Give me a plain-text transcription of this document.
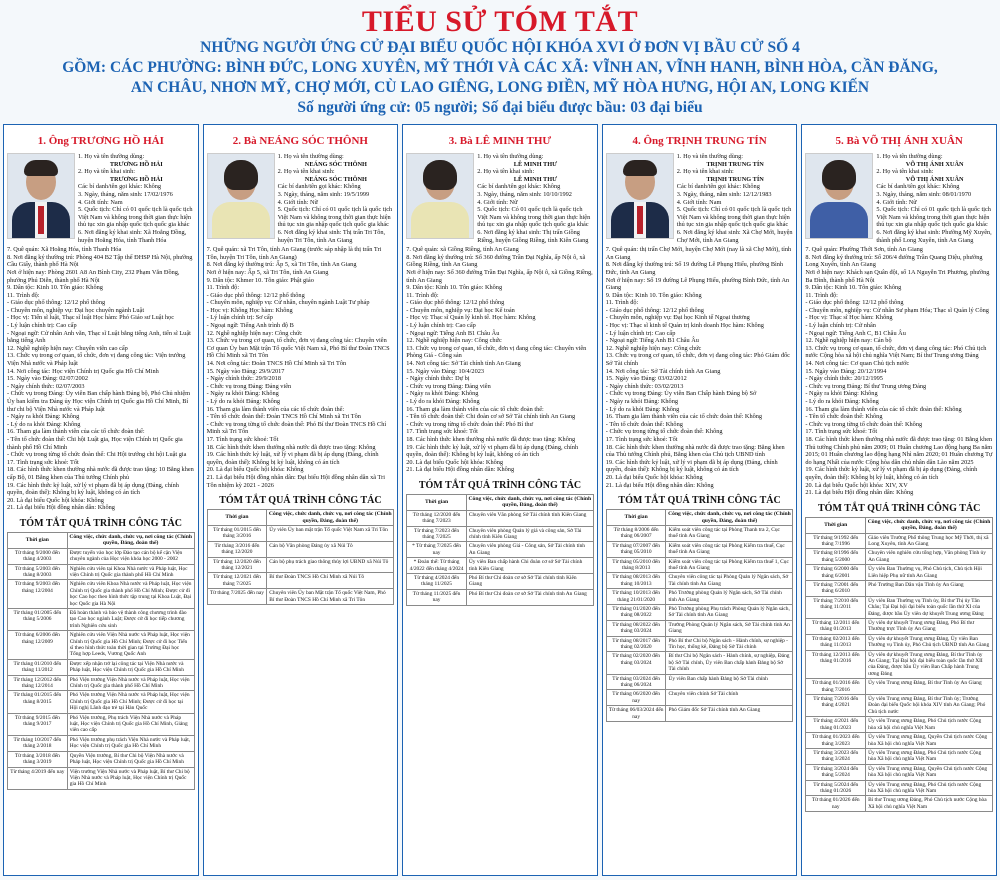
TIỂU SỬ TÓM TẮT
NHỮNG NGƯỜI ỨNG CỬ ĐẠI BIỂU QUỐC HỘI KHÓA XVI Ở ĐƠN VỊ BẦU CỬ SỐ 4
GỒM: CÁC PHƯỜNG: BÌNH ĐỨC, LONG XUYÊN, MỸ THỚI VÀ CÁC XÃ: VĨNH AN, VĨNH HANH, BÌNH HÒA, CẦN ĐĂNG,
AN CHÂU, NHƠN MỸ, CHỢ MỚI, CÙ LAO GIÊNG, LONG ĐIỀN, MỸ HÒA HƯNG, HỘI AN, LONG KIẾN
Số người ứng cử: 05 người; Số đại biểu được bầu: 03 đại biểu
1. Ông TRƯƠNG HỒ HẢI
1. Họ và tên thường dùng:
TRƯƠNG HỒ HẢI
2. Họ và tên khai sinh:
TRƯƠNG HỒ HẢI
Các bí danh/tên gọi khác: Không
3. Ngày, tháng, năm sinh: 17/02/1976
4. Giới tính: Nam
5. Quốc tịch: Chỉ có 01 quốc tịch là quốc tịch Việt Nam và không trong thời gian thực hiện thủ tục xin gia nhập quốc tịch quốc gia khác
6. Nơi đăng ký khai sinh: Xã Hoằng Đồng, huyện Hoằng Hóa, tỉnh Thanh Hóa
7. Quê quán: Xã Hoằng Hóa, tỉnh Thanh Hóa
8. Nơi đăng ký thường trú: Phòng 404 B2 Tập thể ĐHSP Hà Nội, phường Cầu Giấy, thành phố Hà Nội
Nơi ở hiện nay: Phòng 2601 A8 An Bình City, 232 Phạm Văn Đồng, phường Phú Diễn, thành phố Hà Nội
9. Dân tộc: Kinh 10. Tôn giáo: Không
11. Trình độ:
- Giáo dục phổ thông: 12/12 phổ thông
- Chuyên môn, nghiệp vụ: Đại học chuyên ngành Luật
- Học vị: Tiến sĩ luật, Thạc sĩ luật Học hàm: Phó Giáo sư Luật học
- Lý luận chính trị: Cao cấp
- Ngoại ngữ: Cử nhân Anh văn, Thạc sĩ Luật bằng tiếng Anh, tiến sĩ Luật bằng tiếng Anh
12. Nghề nghiệp hiện nay: Chuyên viên cao cấp
13. Chức vụ trong cơ quan, tổ chức, đơn vị đang công tác: Viện trưởng Viện Nhà nước và Pháp luật
14. Nơi công tác: Học viện Chính trị Quốc gia Hồ Chí Minh
15. Ngày vào Đảng: 02/07/2002
- Ngày chính thức: 02/07/2003
- Chức vụ trong Đảng: Ủy viên Ban chấp hành Đảng bộ, Phó Chủ nhiệm Ủy ban kiểm tra Đảng ủy Học viện Chính trị Quốc gia Hồ Chí Minh, Bí thư chi bộ Viện Nhà nước và Pháp luật
- Ngày ra khỏi Đảng: Không
- Lý do ra khỏi Đảng: Không
16. Tham gia làm thành viên của các tổ chức đoàn thể:
- Tên tổ chức đoàn thể: Chi hội Luật gia, Học viện Chính trị Quốc gia thành phố Hồ Chí Minh
- Chức vụ trong từng tổ chức đoàn thể: Chi Hội trưởng chi hội Luật gia
17. Tình trạng sức khoẻ: Tốt
18. Các hình thức khen thưởng nhà nước đã được trao tặng: 10 Bằng khen cấp Bộ, 01 Bằng khen của Thủ tướng Chính phủ
19. Các hình thức kỷ luật, xử lý vi phạm đã bị áp dụng (Đảng, chính quyền, đoàn thể): Không bị kỷ luật, không có án tích
20. Là đại biểu Quốc hội khóa: Không
21. Là đại biểu Hội đồng nhân dân: Không
TÓM TẮT QUÁ TRÌNH CÔNG TÁC
Thời gian	Công việc, chức danh, chức vụ, nơi công tác (Chính quyền, Đảng, đoàn thể)
Từ tháng 9/2000 đến tháng 4/2003	Được tuyển vào học lớp Đào tạo cán bộ kế cận Viện chuyên ngành của Học viện khóa học 2000 - 2002
Từ tháng 5/2003 đến tháng 8/2003	Nghiên cứu viên tại Khoa Nhà nước và Pháp luật, Học viện Chính trị Quốc gia thành phố Hồ Chí Minh
Từ tháng 9/2003 đến tháng 12/2004	Nghiên cứu viên Khoa Nhà nước và Pháp luật, Học viện Chính trị Quốc gia thành phố Hồ Chí Minh; Được cử đi học Cao học theo hình thức tập trung tại Khoa Luật, Đại học Quốc gia Hà Nội
Từ tháng 01/2005 đến tháng 5/2006	Đã hoàn thành và bảo vệ thành công chương trình đào tạo Cao học ngành Luật; Được cử đi học tiếp chương trình Nghiên cứu sinh
Từ tháng 6/2006 đến tháng 12/2009	Nghiên cứu viên Viện Nhà nước và Pháp luật, Học viện Chính trị Quốc gia Hồ Chí Minh; Được cử đi học Tiến sĩ theo hình thức toàn thời gian tại Trường Đại học Tổng hợp Leeds, Vương Quốc Anh
Từ tháng 01/2010 đến tháng 11/2012	Được xếp nhận trở lại công tác tại Viện Nhà nước và Pháp luật, Học viện Chính trị Quốc gia Hồ Chí Minh
Từ tháng 12/2012 đến tháng 12/2014	Phó Viện trưởng Viện Nhà nước và Pháp luật, Học viện Chính trị Quốc gia thành phố Hồ Chí Minh
Từ tháng 01/2015 đến tháng 8/2015	Phó Viện trưởng Viện Nhà nước và Pháp luật, Học viện Chính trị Quốc gia Hồ Chí Minh; Được cử đi học tại Hội nghị Lãnh đạo trẻ tại Hàn Quốc
Từ tháng 9/2015 đến tháng 9/2017	Phó Viện trưởng, Phụ trách Viện Nhà nước và Pháp luật, Học viện Chính trị Quốc gia Hồ Chí Minh, Giảng viên cao cấp
Từ tháng 10/2017 đến tháng 2/2018	Phó Viện trưởng phụ trách Viện Nhà nước và Pháp luật, Học viện Chính trị Quốc gia Hồ Chí Minh
Từ tháng 3/2018 đến tháng 3/2019	Quyền Viện trưởng, Bí thư Chi bộ Viện Nhà nước và Pháp luật, Học viện Chính trị Quốc gia Hồ Chí Minh
Từ tháng 4/2019 đến nay	Viện trưởng Viện Nhà nước và Pháp luật, Bí thư Chi bộ Viện Nhà nước và Pháp luật, Học viện Chính trị Quốc gia Hồ Chí Minh
2. Bà NEÁNG SÓC THÔNH
1. Họ và tên thường dùng:
NEÁNG SÓC THÔNH
2. Họ và tên khai sinh:
NEÁNG SÓC THÔNH
Các bí danh/tên gọi khác: Không
3. Ngày, tháng, năm sinh: 19/5/1999
4. Giới tính: Nữ
5. Quốc tịch: Chỉ có 01 quốc tịch là quốc tịch Việt Nam và không trong thời gian thực hiện thủ tục xin gia nhập quốc tịch quốc gia khác
6. Nơi đăng ký khai sinh: Thị trấn Tri Tôn, huyện Tri Tôn, tỉnh An Giang
7. Quê quán: xã Tri Tôn, tỉnh An Giang (trước sáp nhập là thị trấn Tri Tôn, huyện Tri Tôn, tỉnh An Giang)
8. Nơi đăng ký thường trú: Ấp 5, xã Tri Tôn, tỉnh An Giang
Nơi ở hiện nay: Ấp 5, xã Tri Tôn, tỉnh An Giang
9. Dân tộc: Khmer 10. Tôn giáo: Phật giáo
11. Trình độ:
- Giáo dục phổ thông: 12/12 phổ thông
- Chuyên môn, nghiệp vụ: Cử nhân, chuyên ngành Luật Tư pháp
- Học vị: Không Học hàm: Không
- Lý luận chính trị: Sơ cấp
- Ngoại ngữ: Tiếng Anh trình độ B
12. Nghề nghiệp hiện nay: Công chức
13. Chức vụ trong cơ quan, tổ chức, đơn vị đang công tác: Chuyên viên Cơ quan Ủy ban Mặt trận Tổ quốc Việt Nam xã, Phó Bí thư Đoàn TNCS Hồ Chí Minh xã Tri Tôn
14. Nơi công tác: Đoàn TNCS Hồ Chí Minh xã Tri Tôn
15. Ngày vào Đảng: 29/9/2017
- Ngày chính thức: 29/9/2018
- Chức vụ trong Đảng: Đảng viên
- Ngày ra khỏi Đảng: Không
- Lý do ra khỏi Đảng: Không
16. Tham gia làm thành viên của các tổ chức đoàn thể:
- Tên tổ chức đoàn thể: Đoàn TNCS Hồ Chí Minh xã Tri Tôn
- Chức vụ trong từng tổ chức đoàn thể: Phó Bí thư Đoàn TNCS Hồ Chí Minh xã Tri Tôn
17. Tình trạng sức khoẻ: Tốt
18. Các hình thức khen thưởng nhà nước đã được trao tặng: Không
19. Các hình thức kỷ luật, xử lý vi phạm đã bị áp dụng (Đảng, chính quyền, đoàn thể): Không bị kỷ luật, không có án tích
20. Là đại biểu Quốc hội khóa: Không
21. Là đại biểu Hội đồng nhân dân: Đại biểu Hội đồng nhân dân xã Tri Tôn nhiệm kỳ 2021 - 2026
TÓM TẮT QUÁ TRÌNH CÔNG TÁC
Thời gian	Công việc, chức danh, chức vụ, nơi công tác (Chính quyền, Đảng, đoàn thể)
Từ tháng 01/2015 đến tháng 3/2016	Ủy viên Ủy ban mặt trận Tổ quốc Việt Nam xã Tri Tôn
Từ tháng 3/2016 đến tháng 12/2020	Cán bộ Văn phòng Đảng ủy xã Núi Tô
Từ tháng 12/2020 đến tháng 12/2021	Cán bộ phụ trách giao thông thủy lợi UBND xã Núi Tô
Từ tháng 12/2021 đến tháng 7/2025	Bí thư Đoàn TNCS Hồ Chí Minh xã Núi Tô
Từ tháng 7/2025 đến nay	Chuyên viên Ủy ban Mặt trận Tổ quốc Việt Nam, Phó Bí thư Đoàn TNCS Hồ Chí Minh xã Tri Tôn
3. Bà LÊ MINH THƯ
1. Họ và tên thường dùng:
LÊ MINH THƯ
2. Họ và tên khai sinh:
LÊ MINH THƯ
Các bí danh/tên gọi khác: Không
3. Ngày, tháng, năm sinh: 10/10/1992
4. Giới tính: Nữ
5. Quốc tịch: Có 01 quốc tịch là quốc tịch Việt Nam và không trong thời gian thực hiện thủ tục xin gia nhập quốc tịch quốc gia khác
6. Nơi đăng ký khai sinh: Thị trấn Giồng Riềng, huyện Giồng Riềng, tỉnh Kiên Giang
7. Quê quán: xã Giồng Riềng, tỉnh An Giang
8. Nơi đăng ký thường trú: Số 360 đường Trần Đại Nghĩa, ấp Nội ô, xã Giồng Riềng, tỉnh An Giang
Nơi ở hiện nay: Số 360 đường Trần Đại Nghĩa, ấp Nội ô, xã Giồng Riềng, tỉnh An Giang
9. Dân tộc: Kinh 10. Tôn giáo: Không
11. Trình độ:
- Giáo dục phổ thông: 12/12 phổ thông
- Chuyên môn, nghiệp vụ: Đại học Kế toán
- Học vị: Thạc sĩ Quản lý kinh tế. Học hàm: Không
- Lý luận chính trị: Cao cấp
- Ngoại ngữ: Tiếng Anh B1 Châu Âu
12. Nghề nghiệp hiện nay: Công chức
13. Chức vụ trong cơ quan, tổ chức, đơn vị đang công tác: Chuyên viên Phòng Giá - Công sản
14. Nơi công tác: Sở Tài chính tỉnh An Giang
15. Ngày vào Đảng: 10/4/2023
- Ngày chính thức: Dự bị
- Chức vụ trong Đảng: Đảng viên
- Ngày ra khỏi Đảng: Không
- Lý do ra khỏi Đảng: Không
16. Tham gia làm thành viên của các tổ chức đoàn thể:
- Tên tổ chức đoàn thể: Chi đoàn cơ sở Sở Tài chính tỉnh An Giang
- Chức vụ trong từng tổ chức đoàn thể: Phó Bí thư
17. Tình trạng sức khoẻ: Tốt
18. Các hình thức khen thưởng nhà nước đã được trao tặng: Không
19. Các hình thức kỷ luật, xử lý vi phạm đã bị áp dụng (Đảng, chính quyền, đoàn thể): Không bị kỷ luật, không có án tích
20. Là đại biểu Quốc hội khóa: Không
21. Là đại biểu Hội đồng nhân dân: Không
TÓM TẮT QUÁ TRÌNH CÔNG TÁC
Thời gian	Công việc, chức danh, chức vụ, nơi công tác (Chính quyền, Đảng, đoàn thể)
Từ tháng 12/2020 đến tháng 7/2023	Chuyên viên Văn phòng Sở Tài chính tỉnh Kiên Giang
Từ tháng 7/2023 đến tháng 7/2025	Chuyên viên phòng Quản lý giá và công sản, Sở Tài chính tỉnh Kiên Giang
* Từ tháng 7/2025 đến nay	Chuyên viên phòng Giá - Công sản, Sở Tài chính tỉnh An Giang
* Đoàn thể: Từ tháng 4/2022 đến tháng 4/2024	Ủy viên Ban chấp hành Chi đoàn cơ sở Sở Tài chính tỉnh Kiên Giang
Từ tháng 4/2024 đến tháng 11/2025	Phó Bí thư Chi đoàn cơ sở Sở Tài chính tỉnh Kiên Giang
Từ tháng 11/2025 đến nay	Phó Bí thư Chi đoàn cơ sở Sở Tài chính tỉnh An Giang
4. Ông TRỊNH TRUNG TÍN
1. Họ và tên thường dùng:
TRỊNH TRUNG TÍN
2. Họ và tên khai sinh:
TRỊNH TRUNG TÍN
Các bí danh/tên gọi khác: Không
3. Ngày, tháng, năm sinh: 12/12/1983
4. Giới tính: Nam
5. Quốc tịch: Chỉ có 01 quốc tịch là quốc tịch Việt Nam và không trong thời gian thực hiện thủ tục xin gia nhập quốc tịch quốc gia khác
6. Nơi đăng ký khai sinh: Xã Chợ Mới, huyện Chợ Mới, tỉnh An Giang
7. Quê quán: thị trấn Chợ Mới, huyện Chợ Mới (nay là xã Chợ Mới), tỉnh An Giang
8. Nơi đăng ký thường trú: Số 19 đường Lê Phụng Hiểu, phường Bình Đức, tỉnh An Giang
Nơi ở hiện nay: Số 19 đường Lê Phụng Hiểu, phường Bình Đức, tỉnh An Giang
9. Dân tộc: Kinh 10. Tôn giáo: Không
11. Trình độ:
- Giáo dục phổ thông: 12/12 phổ thông
- Chuyên môn, nghiệp vụ: Đại học Kinh tế Ngoại thương
- Học vị: Thạc sĩ kinh tế Quản trị kinh doanh Học hàm: Không
- Lý luận chính trị: Cao cấp
- Ngoại ngữ: Tiếng Anh B1 Châu Âu
12. Nghề nghiệp hiện nay: Công chức
13. Chức vụ trong cơ quan, tổ chức, đơn vị đang công tác: Phó Giám đốc Sở Tài chính
14. Nơi công tác: Sở Tài chính tỉnh An Giang
15. Ngày vào Đảng: 03/02/2012
- Ngày chính thức: 03/02/2013
- Chức vụ trong Đảng: Ủy viên Ban Chấp hành Đảng bộ Sở
- Ngày ra khỏi Đảng: Không
- Lý do ra khỏi Đảng: Không
16. Tham gia làm thành viên của các tổ chức đoàn thể: Không
- Tên tổ chức đoàn thể: Không
- Chức vụ trong từng tổ chức đoàn thể: Không
17. Tình trạng sức khoẻ: Tốt
18. Các hình thức khen thưởng nhà nước đã được trao tặng: Bằng khen của Thủ tướng Chính phủ, Bằng khen của Chủ tịch UBND tỉnh
19. Các hình thức kỷ luật, xử lý vi phạm đã bị áp dụng (Đảng, chính quyền, đoàn thể): Không bị kỷ luật, không có án tích
20. Là đại biểu Quốc hội khóa: Không
21. Là đại biểu Hội đồng nhân dân: Không
TÓM TẮT QUÁ TRÌNH CÔNG TÁC
Thời gian	Công việc, chức danh, chức vụ, nơi công tác (Chính quyền, Đảng, đoàn thể)
Từ tháng 8/2006 đến tháng 06/2007	Kiểm soát viên công tác tại Phòng Thanh tra 2, Cục thuế tỉnh An Giang
Từ tháng 07/2007 đến tháng 05/2010	Kiểm soát viên công tác tại Phòng Kiểm tra thuế, Cục thuế tỉnh An Giang
Từ tháng 05/2010 đến tháng 8/2013	Kiểm soát viên công tác tại Phòng Kiểm tra thuế 1, Cục thuế tỉnh An Giang
Từ tháng 08/2013 đến tháng 10/2013	Chuyên viên công tác tại Phòng Quản lý Ngân sách, Sở Tài chính tỉnh An Giang
Từ tháng 10/2013 đến tháng 21/01/2020	Phó Trưởng phòng Quản lý Ngân sách, Sở Tài chính tỉnh An Giang
Từ tháng 01/2020 đến tháng 08/2022	Phó Trưởng phòng Phụ trách Phòng Quản lý Ngân sách, Sở Tài chính tỉnh An Giang
Từ tháng 08/2022 đến tháng 03/2024	Trưởng Phòng Quản lý Ngân sách, Sở Tài chính tỉnh An Giang
Từ tháng 08/2017 đến tháng 02/2020	Phó Bí thư Chi bộ Ngân sách - Hành chính, sự nghiệp - Tin học, thống kê, Đảng bộ Sở Tài chính
Từ tháng 02/2020 đến tháng 03/2024	Bí thư Chi bộ Ngân sách - Hành chính, sự nghiệp, Đảng bộ Sở Tài chính, Ủy viên Ban chấp hành Đảng bộ Sở Tài chính
Từ tháng 03/2024 đến tháng 06/2024	Ủy viên Ban chấp hành Đảng bộ Sở Tài chính
Từ tháng 06/2020 đến nay	Chuyên viên chính Sở Tài chính
Từ tháng 06/03/2024 đến nay	Phó Giám đốc Sở Tài chính tỉnh An Giang
5. Bà VÕ THỊ ÁNH XUÂN
1. Họ và tên thường dùng:
VÕ THỊ ÁNH XUÂN
2. Họ và tên khai sinh:
VÕ THỊ ÁNH XUÂN
Các bí danh/tên gọi khác: Không
3. Ngày, tháng, năm sinh: 08/01/1970
4. Giới tính: Nữ
5. Quốc tịch: Chỉ có 01 quốc tịch là quốc tịch Việt Nam và không trong thời gian thực hiện thủ tục xin gia nhập quốc tịch quốc gia khác
6. Nơi đăng ký khai sinh: Phường Mỹ Xuyên, thành phố Long Xuyên, tỉnh An Giang
7. Quê quán: Phường Thới Sơn, tỉnh An Giang
8. Nơi đăng ký thường trú: Số 206/4 đường Trần Quang Diệu, phường Long Xuyên, tỉnh An Giang
Nơi ở hiện nay: Khách sạn Quân đội, số 1A Nguyễn Tri Phương, phường Ba Đình, thành phố Hà Nội
9. Dân tộc: Kinh 10. Tôn giáo: Không
11. Trình độ:
- Giáo dục phổ thông: 12/12 phổ thông
- Chuyên môn, nghiệp vụ: Cử nhân Sư phạm Hóa; Thạc sĩ Quản lý Công
- Học vị: Thạc sĩ Học hàm: Không
- Lý luận chính trị: Cử nhân
- Ngoại ngữ: Tiếng Anh C, B1 Châu Âu
12. Nghề nghiệp hiện nay: Cán bộ
13. Chức vụ trong cơ quan, tổ chức, đơn vị đang công tác: Phó Chủ tịch nước Cộng hòa xã hội chủ nghĩa Việt Nam; Bí thư Trung ương Đảng
14. Nơi công tác: Cơ quan Chủ tịch nước
15. Ngày vào Đảng: 20/12/1994
- Ngày chính thức: 20/12/1995
- Chức vụ trong Đảng: Bí thư Trung ương Đảng
- Ngày ra khỏi Đảng: Không
- Lý do ra khỏi Đảng: Không
16. Tham gia làm thành viên của các tổ chức đoàn thể: Không
- Tên tổ chức đoàn thể: Không
- Chức vụ trong từng tổ chức đoàn thể: Không
17. Tình trạng sức khoẻ: Tốt
18. Các hình thức khen thưởng nhà nước đã được trao tặng: 01 Bằng khen Thủ tướng Chính phủ năm 2009; 01 Huân chương Lao động hạng Ba năm 2015; 01 Huân chương lao động hạng Nhì năm 2020; 01 Huân chương Tự do hạng Nhất của nước Cộng hòa dân chủ nhân dân Lào năm 2025
19. Các hình thức kỷ luật, xử lý vi phạm đã bị áp dụng (Đảng, chính quyền, đoàn thể): Không bị kỷ luật, không có án tích
20. Là đại biểu Quốc hội khóa: XIV, XV
21. Là đại biểu Hội đồng nhân dân: Không
TÓM TẮT QUÁ TRÌNH CÔNG TÁC
Thời gian	Công việc, chức danh, chức vụ, nơi công tác (Chính quyền, Đảng, đoàn thể)
Từ tháng 9/1992 đến tháng 7/1996	Giáo viên Trường Phổ thông Trung học Mỹ Thới, thị xã Long Xuyên, tỉnh An Giang
Từ tháng 8/1996 đến tháng 5/2000	Chuyên viên nghiên cứu tổng hợp, Văn phòng Tỉnh ủy An Giang
Từ tháng 6/2000 đến tháng 6/2001	Ủy viên Ban Thường vụ, Phó Chủ tịch, Chủ tịch Hội Liên hiệp Phụ nữ tỉnh An Giang
Từ tháng 7/2001 đến tháng 6/2010	Phó Trưởng Ban Dân vận Tỉnh ủy An Giang
Từ tháng 7/2010 đến tháng 11/2011	Ủy viên Ban Thường vụ Tỉnh ủy, Bí thư Thị ủy Tân Châu; Tại Đại hội đại biểu toàn quốc lần thứ XI của Đảng, được bầu Ủy viên dự khuyết Trung ương Đảng
Từ tháng 12/2011 đến tháng 01/2013	Ủy viên dự khuyết Trung ương Đảng, Phó Bí thư Thường trực Tỉnh ủy An Giang
Từ tháng 02/2013 đến tháng 11/2013	Ủy viên dự khuyết Trung ương Đảng, Ủy viên Ban Thường vụ Tỉnh ủy, Phó Chủ tịch UBND tỉnh An Giang
Từ tháng 12/2013 đến tháng 01/2016	Ủy viên dự khuyết Trung ương Đảng, Bí thư Tỉnh ủy An Giang; Tại Đại hội đại biểu toàn quốc lần thứ XII của Đảng, được bầu Ủy viên Ban Chấp hành Trung ương Đảng
Từ tháng 01/2016 đến tháng 7/2016	Ủy viên Trung ương Đảng, Bí thư Tỉnh ủy An Giang
Từ tháng 7/2016 đến tháng 4/2021	Ủy viên Trung ương Đảng, Bí thư Tỉnh ủy; Trưởng Đoàn đại biểu Quốc hội khóa XIV tỉnh An Giang; Phó Chủ tịch nước
Từ tháng 4/2021 đến tháng 01/2023	Ủy viên Trung ương Đảng, Phó Chủ tịch nước Cộng hòa xã hội chủ nghĩa Việt Nam
Từ tháng 01/2023 đến tháng 3/2023	Ủy viên Trung ương Đảng, Quyền Chủ tịch nước Cộng hòa Xã hội chủ nghĩa Việt Nam
Từ tháng 3/2023 đến tháng 3/2024	Ủy viên Trung ương Đảng, Phó Chủ tịch nước Cộng hòa Xã hội chủ nghĩa Việt Nam
Từ tháng 3/2024 đến tháng 5/2024	Ủy viên Trung ương Đảng, Quyền Chủ tịch nước Cộng hòa Xã hội chủ nghĩa Việt Nam
Từ tháng 5/2024 đến tháng 01/2026	Ủy viên Trung ương Đảng, Phó Chủ tịch nước Cộng hòa Xã hội chủ nghĩa Việt Nam
Từ tháng 01/2026 đến nay	Bí thư Trung ương Đảng, Phó Chủ tịch nước Cộng hòa Xã hội chủ nghĩa Việt Nam
